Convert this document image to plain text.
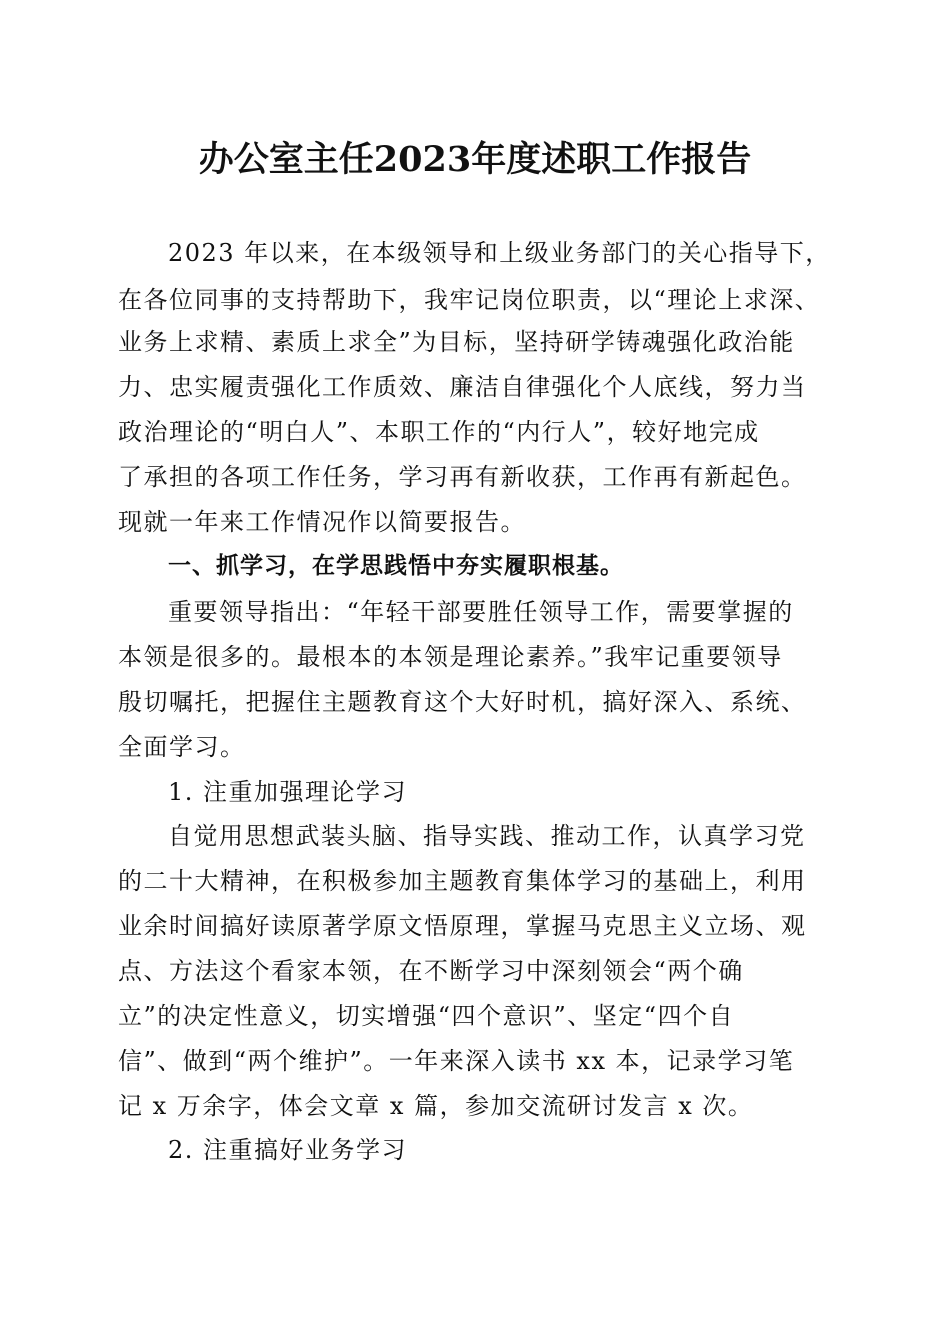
办公室主任2023年度述职工作报告
2023 年以来，在本级领导和上级业务部门的关心指导下，
在各位同事的支持帮助下，我牢记岗位职责，以“理论上求深、
业务上求精、素质上求全”为目标，坚持研学铸魂强化政治能
力、忠实履责强化工作质效、廉洁自律强化个人底线，努力当
政治理论的“明白人”、本职工作的“内行人”，较好地完成
了承担的各项工作任务，学习再有新收获，工作再有新起色。
现就一年来工作情况作以简要报告。
一、抓学习，在学思践悟中夯实履职根基。
重要领导指出：“年轻干部要胜任领导工作，需要掌握的
本领是很多的。最根本的本领是理论素养。”我牢记重要领导
殷切嘱托，把握住主题教育这个大好时机，搞好深入、系统、
全面学习。
1. 注重加强理论学习
自觉用思想武装头脑、指导实践、推动工作，认真学习党
的二十大精神，在积极参加主题教育集体学习的基础上，利用
业余时间搞好读原著学原文悟原理，掌握马克思主义立场、观
点、方法这个看家本领，在不断学习中深刻领会“两个确
立”的决定性意义，切实增强“四个意识”、坚定“四个自
信”、做到“两个维护”。一年来深入读书 xx 本，记录学习笔
记 x 万余字，体会文章 x 篇，参加交流研讨发言 x 次。
2. 注重搞好业务学习
